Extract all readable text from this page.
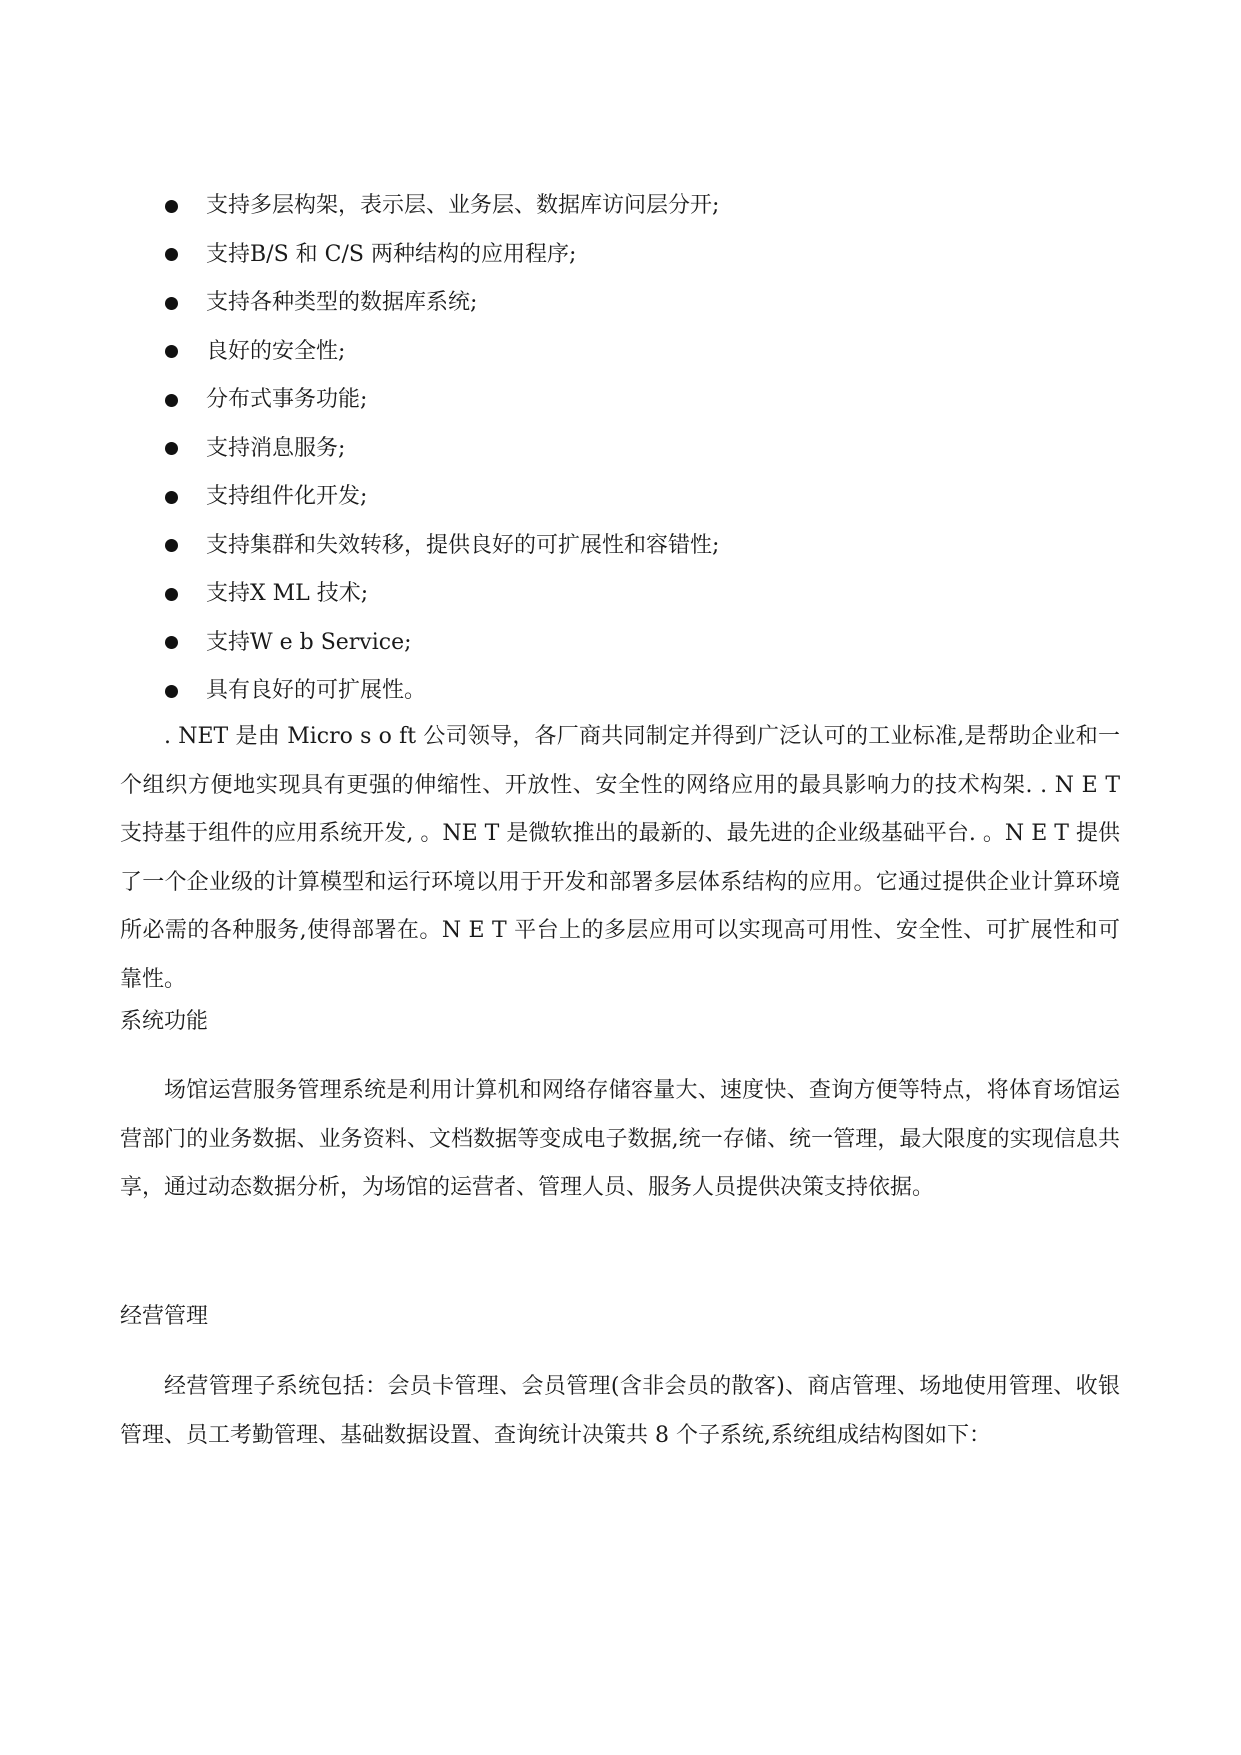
支持多层构架，表示层、业务层、数据库访问层分开;
支持B/S 和 C/S 两种结构的应用程序;
支持各种类型的数据库系统;
良好的安全性;
分布式事务功能;
支持消息服务;
支持组件化开发;
支持集群和失效转移，提供良好的可扩展性和容错性;
支持X ML 技术;
支持W e b Service;
具有良好的可扩展性。

. NET 是由 Micro s o ft 公司领导，各厂商共同制定并得到广泛认可的工业标准,是帮助企业和一个组织方便地实现具有更强的伸缩性、开放性、安全性的网络应用的最具影响力的技术构架. . N E T 支持基于组件的应用系统开发, 。NE T 是微软推出的最新的、最先进的企业级基础平台. 。N E T 提供了一个企业级的计算模型和运行环境以用于开发和部署多层体系结构的应用。它通过提供企业计算环境所必需的各种服务,使得部署在。N E T 平台上的多层应用可以实现高可用性、安全性、可扩展性和可靠性。

系统功能

场馆运营服务管理系统是利用计算机和网络存储容量大、速度快、查询方便等特点，将体育场馆运营部门的业务数据、业务资料、文档数据等变成电子数据,统一存储、统一管理，最大限度的实现信息共享，通过动态数据分析，为场馆的运营者、管理人员、服务人员提供决策支持依据。

经营管理

经营管理子系统包括：会员卡管理、会员管理(含非会员的散客)、商店管理、场地使用管理、收银管理、员工考勤管理、基础数据设置、查询统计决策共 8 个子系统,系统组成结构图如下：
